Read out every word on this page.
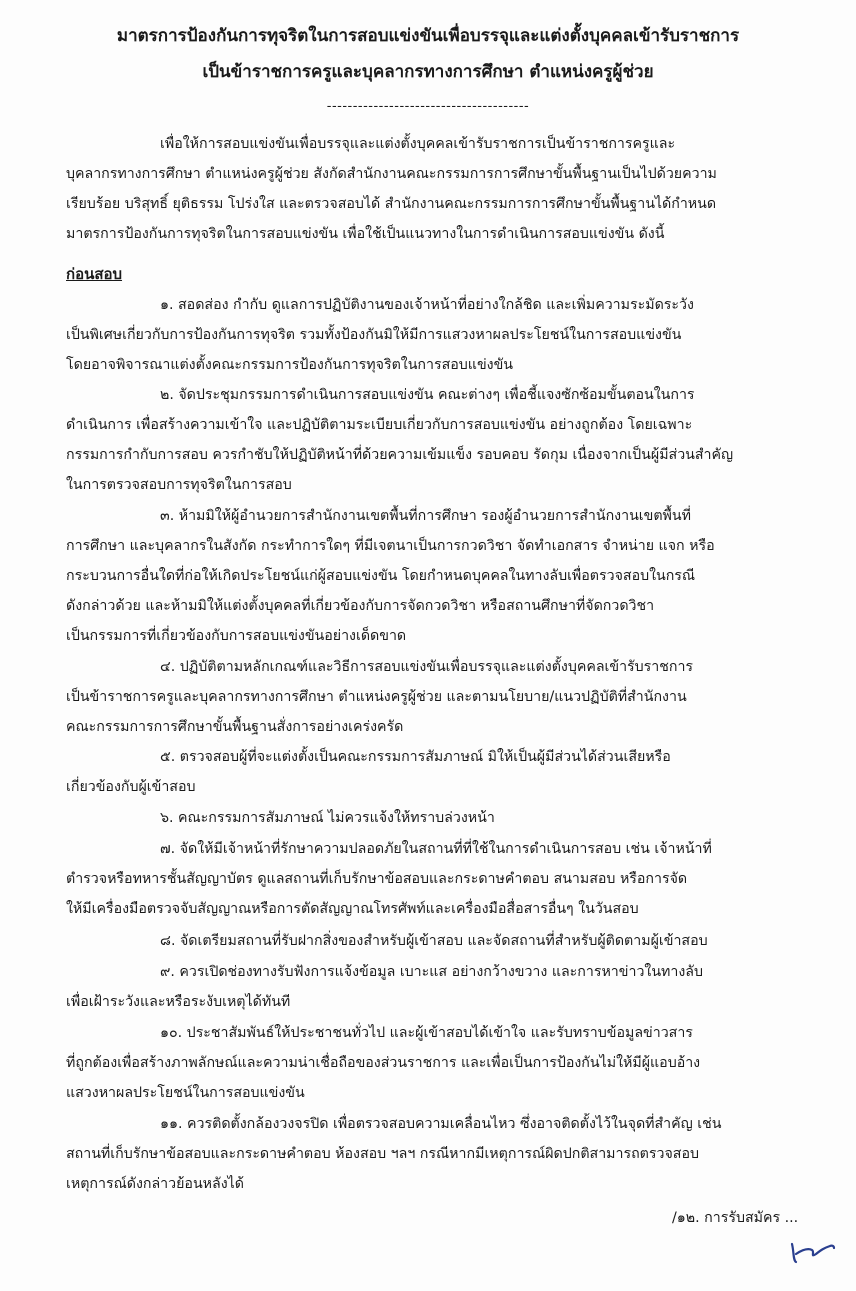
มาตรการป้องกันการทุจริตในการสอบแข่งขันเพื่อบรรจุและแต่งตั้งบุคคลเข้ารับราชการ
เป็นข้าราชการครูและบุคลากรทางการศึกษา ตำแหน่งครูผู้ช่วย
---------------------------------------
เพื่อให้การสอบแข่งขันเพื่อบรรจุและแต่งตั้งบุคคลเข้ารับราชการเป็นข้าราชการครูและ
บุคลากรทางการศึกษา ตำแหน่งครูผู้ช่วย สังกัดสำนักงานคณะกรรมการการศึกษาขั้นพื้นฐานเป็นไปด้วยความ
เรียบร้อย บริสุทธิ์ ยุติธรรม โปร่งใส และตรวจสอบได้ สำนักงานคณะกรรมการการศึกษาขั้นพื้นฐานได้กำหนด
มาตรการป้องกันการทุจริตในการสอบแข่งขัน เพื่อใช้เป็นแนวทางในการดำเนินการสอบแข่งขัน ดังนี้
ก่อนสอบ
๑. สอดส่อง กำกับ ดูแลการปฏิบัติงานของเจ้าหน้าที่อย่างใกล้ชิด และเพิ่มความระมัดระวัง
เป็นพิเศษเกี่ยวกับการป้องกันการทุจริต รวมทั้งป้องกันมิให้มีการแสวงหาผลประโยชน์ในการสอบแข่งขัน
โดยอาจพิจารณาแต่งตั้งคณะกรรมการป้องกันการทุจริตในการสอบแข่งขัน
๒. จัดประชุมกรรมการดำเนินการสอบแข่งขัน คณะต่างๆ เพื่อชี้แจงซักซ้อมขั้นตอนในการ
ดำเนินการ เพื่อสร้างความเข้าใจ และปฏิบัติตามระเบียบเกี่ยวกับการสอบแข่งขัน อย่างถูกต้อง โดยเฉพาะ
กรรมการกำกับการสอบ ควรกำชับให้ปฏิบัติหน้าที่ด้วยความเข้มแข็ง รอบคอบ รัดกุม เนื่องจากเป็นผู้มีส่วนสำคัญ
ในการตรวจสอบการทุจริตในการสอบ
๓. ห้ามมิให้ผู้อำนวยการสำนักงานเขตพื้นที่การศึกษา รองผู้อำนวยการสำนักงานเขตพื้นที่
การศึกษา และบุคลากรในสังกัด กระทำการใดๆ ที่มีเจตนาเป็นการกวดวิชา จัดทำเอกสาร จำหน่าย แจก หรือ
กระบวนการอื่นใดที่ก่อให้เกิดประโยชน์แก่ผู้สอบแข่งขัน โดยกำหนดบุคคลในทางลับเพื่อตรวจสอบในกรณี
ดังกล่าวด้วย และห้ามมิให้แต่งตั้งบุคคลที่เกี่ยวข้องกับการจัดกวดวิชา หรือสถานศึกษาที่จัดกวดวิชา
เป็นกรรมการที่เกี่ยวข้องกับการสอบแข่งขันอย่างเด็ดขาด
๔. ปฏิบัติตามหลักเกณฑ์และวิธีการสอบแข่งขันเพื่อบรรจุและแต่งตั้งบุคคลเข้ารับราชการ
เป็นข้าราชการครูและบุคลากรทางการศึกษา ตำแหน่งครูผู้ช่วย และตามนโยบาย/แนวปฏิบัติที่สำนักงาน
คณะกรรมการการศึกษาขั้นพื้นฐานสั่งการอย่างเคร่งครัด
๕. ตรวจสอบผู้ที่จะแต่งตั้งเป็นคณะกรรมการสัมภาษณ์ มิให้เป็นผู้มีส่วนได้ส่วนเสียหรือ
เกี่ยวข้องกับผู้เข้าสอบ
๖. คณะกรรมการสัมภาษณ์ ไม่ควรแจ้งให้ทราบล่วงหน้า
๗. จัดให้มีเจ้าหน้าที่รักษาความปลอดภัยในสถานที่ที่ใช้ในการดำเนินการสอบ เช่น เจ้าหน้าที่
ตำรวจหรือทหารชั้นสัญญาบัตร ดูแลสถานที่เก็บรักษาข้อสอบและกระดาษคำตอบ สนามสอบ หรือการจัด
ให้มีเครื่องมือตรวจจับสัญญาณหรือการตัดสัญญาณโทรศัพท์และเครื่องมือสื่อสารอื่นๆ ในวันสอบ
๘. จัดเตรียมสถานที่รับฝากสิ่งของสำหรับผู้เข้าสอบ และจัดสถานที่สำหรับผู้ติดตามผู้เข้าสอบ
๙. ควรเปิดช่องทางรับฟังการแจ้งข้อมูล เบาะแส อย่างกว้างขวาง และการหาข่าวในทางลับ
เพื่อเฝ้าระวังและหรือระงับเหตุได้ทันที
๑๐. ประชาสัมพันธ์ให้ประชาชนทั่วไป และผู้เข้าสอบได้เข้าใจ และรับทราบข้อมูลข่าวสาร
ที่ถูกต้องเพื่อสร้างภาพลักษณ์และความน่าเชื่อถือของส่วนราชการ และเพื่อเป็นการป้องกันไม่ให้มีผู้แอบอ้าง
แสวงหาผลประโยชน์ในการสอบแข่งขัน
๑๑. ควรติดตั้งกล้องวงจรปิด เพื่อตรวจสอบความเคลื่อนไหว ซึ่งอาจติดตั้งไว้ในจุดที่สำคัญ เช่น
สถานที่เก็บรักษาข้อสอบและกระดาษคำตอบ ห้องสอบ ฯลฯ กรณีหากมีเหตุการณ์ผิดปกติสามารถตรวจสอบ
เหตุการณ์ดังกล่าวย้อนหลังได้
/๑๒. การรับสมัคร ...
